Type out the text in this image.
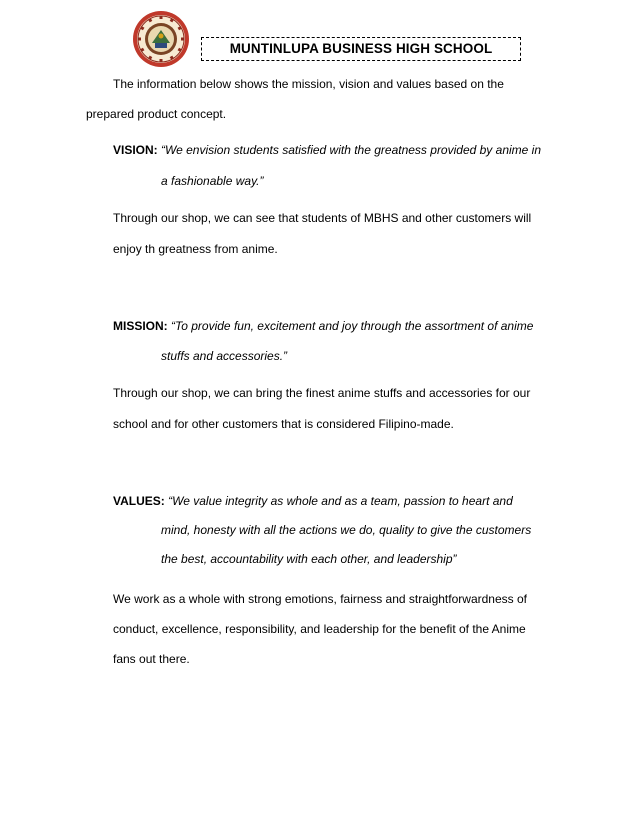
MUNTINLUPA BUSINESS HIGH SCHOOL

The information below shows the mission, vision and values based on the

prepared product concept.

VISION: “We envision students satisfied with the greatness provided by anime in

a fashionable way.”

Through our shop, we can see that students of MBHS and other customers will

enjoy th greatness from anime.

MISSION: “To provide fun, excitement and joy through the assortment of anime

stuffs and accessories.”

Through our shop, we can bring the finest anime stuffs and accessories for our

school and for other customers that is considered Filipino-made.

VALUES: “We value integrity as whole and as a team, passion to heart and

mind, honesty with all the actions we do, quality to give the customers

the best, accountability with each other, and leadership”

We work as a whole with strong emotions, fairness and straightforwardness of

conduct, excellence, responsibility, and leadership for the benefit of the Anime

fans out there.
